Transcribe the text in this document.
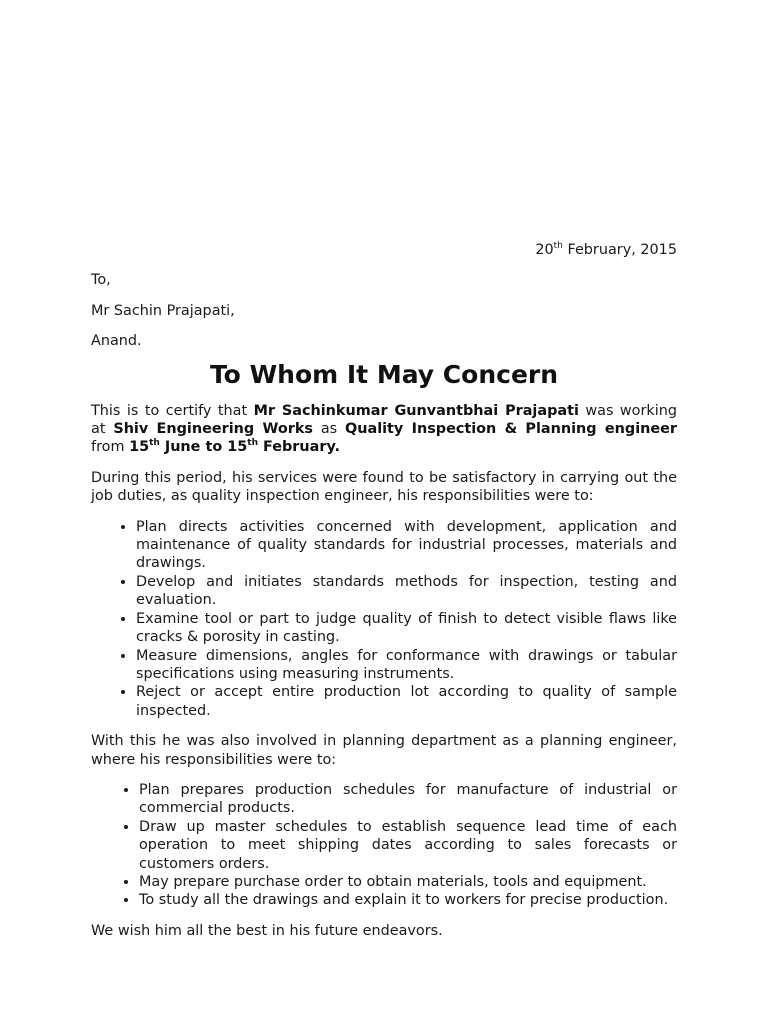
20th February, 2015

To,

Mr Sachin Prajapati,

Anand.

To Whom It May Concern

This is to certify that Mr Sachinkumar Gunvantbhai Prajapati was working at Shiv Engineering Works as Quality Inspection & Planning engineer from 15th June to 15th February.

During this period, his services were found to be satisfactory in carrying out the job duties, as quality inspection engineer, his responsibilities were to:

• Plan directs activities concerned with development, application and maintenance of quality standards for industrial processes, materials and drawings.
• Develop and initiates standards methods for inspection, testing and evaluation.
• Examine tool or part to judge quality of finish to detect visible flaws like cracks & porosity in casting.
• Measure dimensions, angles for conformance with drawings or tabular specifications using measuring instruments.
• Reject or accept entire production lot according to quality of sample inspected.

With this he was also involved in planning department as a planning engineer, where his responsibilities were to:

• Plan prepares production schedules for manufacture of industrial or commercial products.
• Draw up master schedules to establish sequence lead time of each operation to meet shipping dates according to sales forecasts or customers orders.
• May prepare purchase order to obtain materials, tools and equipment.
• To study all the drawings and explain it to workers for precise production.

We wish him all the best in his future endeavors.
